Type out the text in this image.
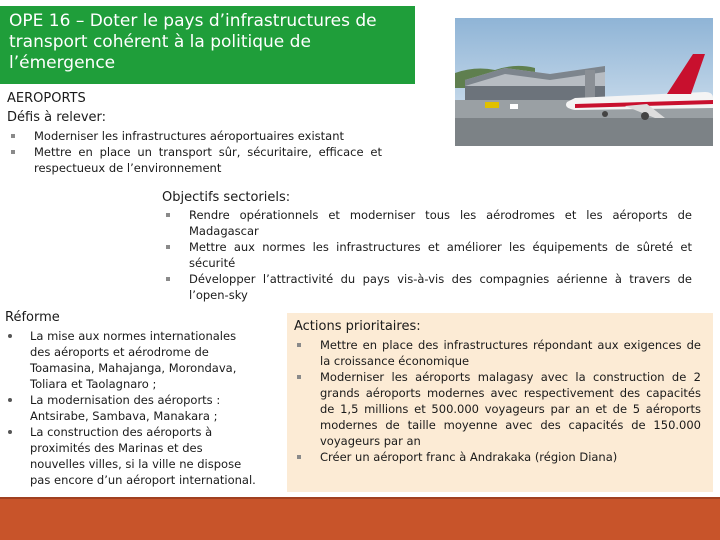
OPE 16 – Doter le pays d’infrastructures de
transport cohérent à la politique de
l’émergence
AEROPORTS
Défis à relever:
Moderniser les infrastructures aéroportuaires existant
Mettre en place un transport sûr, sécuritaire, efficace et respectueux de l’environnement
Objectifs sectoriels:
Rendre opérationnels et moderniser tous les aérodromes et les aéroports de Madagascar
Mettre aux normes les infrastructures et améliorer les équipements de sûreté et sécurité
Développer l’attractivité du pays vis-à-vis des compagnies aérienne à travers de l’open-sky
Réforme
La mise aux normes internationales des aéroports et aérodrome de Toamasina, Mahajanga, Morondava, Toliara et Taolagnaro ;
La modernisation des aéroports : Antsirabe, Sambava, Manakara ;
La construction des aéroports à proximités des Marinas et des nouvelles villes, si la ville ne dispose pas encore d’un aéroport international.
Actions prioritaires:
Mettre en place des infrastructures répondant aux exigences de la croissance économique
Moderniser les aéroports malagasy avec la construction de 2 grands aéroports modernes avec respectivement des capacités de 1,5 millions et 500.000 voyageurs par an et de 5 aéroports modernes de taille moyenne avec des capacités de 150.000 voyageurs par an
Créer un aéroport franc à Andrakaka (région Diana)
